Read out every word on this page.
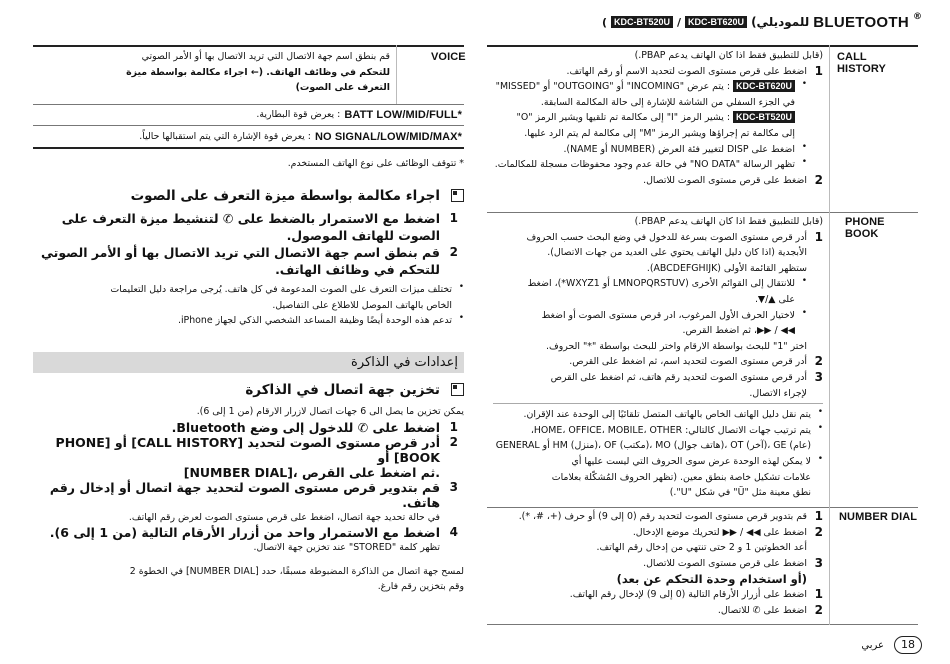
( KDC-BT520U / KDC-BT620U (للموديلي BLUETOOTH ®
CALL HISTORY

(قابل للتطبيق فقط اذا كان الهاتف يدعم PBAP.)

1

اضغط على قرص مستوى الصوت لتحديد الاسم أو رقم الهاتف.

•

KDC-BT620U : يتم عرض "INCOMING" أو "OUTGOING" أو "MISSED"

في الجزء السفلي من الشاشة للإشارة إلى حالة المكالمة السابقة.

KDC-BT520U : يشير الرمز "I" إلى مكالمة تم تلقيها ويشير الرمز "O"

إلى مكالمة تم إجراؤها ويشير الرمز "M" إلى مكالمة لم يتم الرد عليها.

•

اضغط على DISP لتغيير فئة العرض (NUMBER أو NAME).

•

تظهر الرسالة "NO DATA" في حالة عدم وجود محفوظات مسجلة للمكالمات.

2

اضغط على قرص مستوى الصوت للاتصال.

PHONE BOOK

(قابل للتطبيق فقط اذا كان الهاتف يدعم PBAP.)

1

أدر قرص مستوى الصوت بسرعة للدخول في وضع البحث حسب الحروف

الأبجدية (اذا كان دليل الهاتف يحتوي على العديد من جهات الاتصال).

ستظهر القائمة الأولى (ABCDEFGHIJK).

•

للانتقال إلى القوائم الأخرى (LMNOPQRSTUV أو WXYZ1*)، اضغط

على ▲/▼.

•

لاختيار الحرف الأول المرغوب، ادر قرص مستوى الصوت أو اضغط

◀◀ / ▶▶، ثم اضغط القرص.

اختر "1" للبحث بواسطة الارقام واختر للبحث بواسطة "*" الحروف.

2

أدر قرص مستوى الصوت لتحديد اسم، ثم اضغط على القرص.

3

أدر قرص مستوى الصوت لتحديد رقم هاتف، ثم اضغط على القرص

لإجراء الاتصال.

•

يتم نقل دليل الهاتف الخاص بالهاتف المتصل تلقائيًا إلى الوحدة عند الإقران.

•

يتم ترتيب جهات الاتصال كالتالي: HOME، OFFICE، MOBILE، OTHER،

GENERAL أو HM (منزل)، OF (مكتب)، MO (هاتف جوال)، OT (آخر)، GE (عام)

•

لا يمكن لهذه الوحدة عرض سوى الحروف التي ليست عليها أي

علامات تشكيل خاصة بنطق معين. (تظهر الحروف المُشكّلة بعلامات

نطق معينة مثل "Ü" في شكل "U".)

NUMBER DIAL
1

قم بتدوير قرص مستوى الصوت لتحديد رقم (0 إلى 9) أو حرف (+، #، *).

2

اضغط على ◀◀ / ▶▶ لتحريك موضع الإدخال.

أعد الخطوتين 1 و 2 حتى تنتهي من إدخال رقم الهاتف.

3

اضغط على قرص مستوى الصوت للاتصال.

(أو استخدام وحدة التحكم عن بعد)

1

اضغط على أزرار الأرقام التالية (0 إلى 9) لإدخال رقم الهاتف.

2

اضغط على ✆ للاتصال.

VOICE

قم بنطق اسم جهة الاتصال التي تريد الاتصال بها أو الأمر الصوتي

للتحكم في وظائف الهاتف. (← اجراء مكالمة بواسطة ميزة

التعرف على الصوت)

: يعرض قوة البطارية. BATT LOW/MID/FULL*
: يعرض قوة الإشارة التي يتم استقبالها حالياً. NO SIGNAL/LOW/MID/MAX*

* تتوقف الوظائف على نوع الهاتف المستخدم.

اجراء مكالمة بواسطة ميزة التعرف على الصوت

1

اضغط مع الاستمرار بالضغط على ✆ لتنشيط ميزة التعرف على

الصوت للهاتف الموصول.

2

قم بنطق اسم جهة الاتصال التي تريد الاتصال بها أو الأمر الصوتي

للتحكم في وظائف الهاتف.

•

تختلف ميزات التعرف على الصوت المدعومة في كل هاتف. يُرجى مراجعة دليل التعليمات

الخاص بالهاتف الموصل للاطلاع على التفاصيل.

•

تدعم هذه الوحدة أيضًا وظيفة المساعد الشخصي الذكي لجهاز iPhone.

إعدادات في الذاكرة

تخزين جهة اتصال في الذاكرة

يمكن تخزين ما يصل الى 6 جهات اتصال لازرار الارقام (من 1 إلى 6).

1

اضغط على ✆ للدخول إلى وضع Bluetooth.

2

أدر قرص مستوى الصوت لتحديد [CALL HISTORY] أو [PHONE BOOK] أو

[NUMBER DIAL]، ثم اضغط على القرص.

3

قم بتدوير قرص مستوى الصوت لتحديد جهة اتصال أو إدخال رقم

هاتف.

في حالة تحديد جهة اتصال، اضغط على قرص مستوى الصوت لعرض رقم الهاتف.

4

اضغط مع الاستمرار واحد من أزرار الأرقام التالية (من 1 إلى 6).

تظهر كلمة "STORED" عند تخزين جهة الاتصال.

لمسح جهة اتصال من الذاكرة المضبوطة مسبقًا، حدد [NUMBER DIAL] في الخطوة 2

وقم بتخزين رقم فارغ.

عربي	18
